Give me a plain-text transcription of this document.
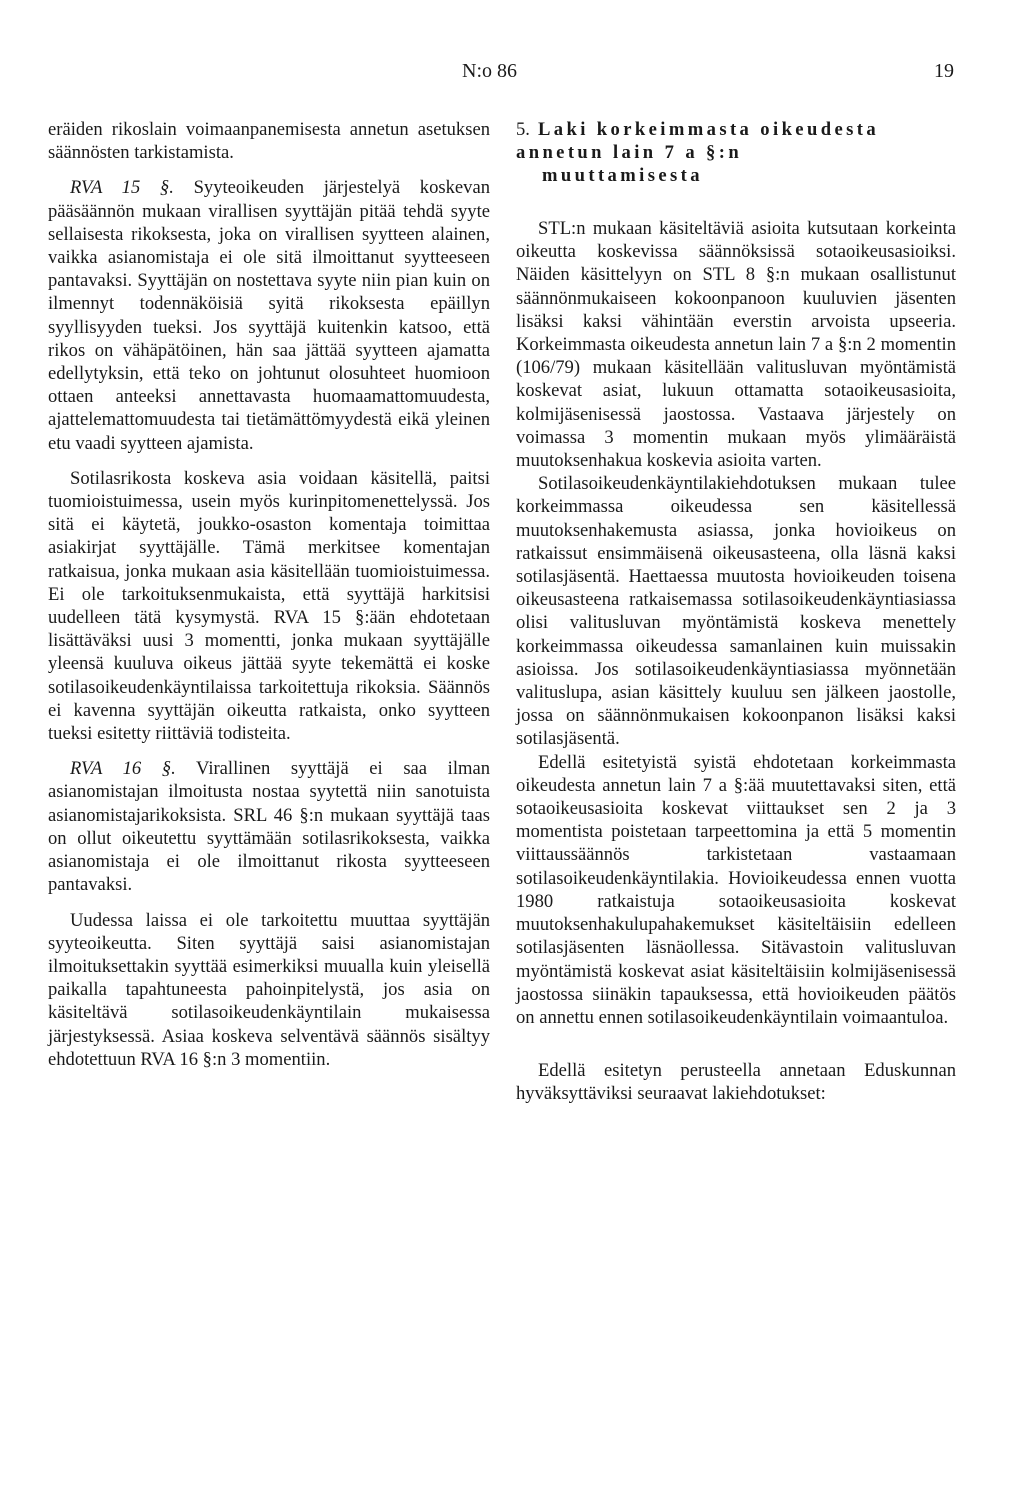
N:o 86	19

eräiden rikoslain voimaanpanemisesta annetun asetuksen säännösten tarkistamista.

RVA 15 §. Syyteoikeuden järjestelyä koskevan pääsäännön mukaan virallisen syyttäjän pitää tehdä syyte sellaisesta rikoksesta, joka on virallisen syytteen alainen, vaikka asianomistaja ei ole sitä ilmoittanut syytteeseen pantavaksi. Syyttäjän on nostettava syyte niin pian kuin on ilmennyt todennäköisiä syitä rikoksesta epäillyn syyllisyyden tueksi. Jos syyttäjä kuitenkin katsoo, että rikos on vähäpätöinen, hän saa jättää syytteen ajamatta edellytyksin, että teko on johtunut olosuhteet huomioon ottaen anteeksi annettavasta huomaamattomuudesta, ajattelemattomuudesta tai tietämättömyydestä eikä yleinen etu vaadi syytteen ajamista.

Sotilasrikosta koskeva asia voidaan käsitellä, paitsi tuomioistuimessa, usein myös kurinpitomenettelyssä. Jos sitä ei käytetä, joukko-osaston komentaja toimittaa asiakirjat syyttäjälle. Tämä merkitsee komentajan ratkaisua, jonka mukaan asia käsitellään tuomioistuimessa. Ei ole tarkoituksenmukaista, että syyttäjä harkitsisi uudelleen tätä kysymystä. RVA 15 §:ään ehdotetaan lisättäväksi uusi 3 momentti, jonka mukaan syyttäjälle yleensä kuuluva oikeus jättää syyte tekemättä ei koske sotilasoikeudenkäyntilaissa tarkoitettuja rikoksia. Säännös ei kavenna syyttäjän oikeutta ratkaista, onko syytteen tueksi esitetty riittäviä todisteita.

RVA 16 §. Virallinen syyttäjä ei saa ilman asianomistajan ilmoitusta nostaa syytettä niin sanotuista asianomistajarikoksista. SRL 46 §:n mukaan syyttäjä taas on ollut oikeutettu syyttämään sotilasrikoksesta, vaikka asianomistaja ei ole ilmoittanut rikosta syytteeseen pantavaksi.

Uudessa laissa ei ole tarkoitettu muuttaa syyttäjän syyteoikeutta. Siten syyttäjä saisi asianomistajan ilmoituksettakin syyttää esimerkiksi muualla kuin yleisellä paikalla tapahtuneesta pahoinpitelystä, jos asia on käsiteltävä sotilasoikeudenkäyntilain mukaisessa järjestyksessä. Asiaa koskeva selventävä säännös sisältyy ehdotettuun RVA 16 §:n 3 momentiin.

5. Laki korkeimmasta oikeudesta annetun lain 7 a §:n
muuttamisesta

STL:n mukaan käsiteltäviä asioita kutsutaan korkeinta oikeutta koskevissa säännöksissä sotaoikeusasioiksi. Näiden käsittelyyn on STL 8 §:n mukaan osallistunut säännönmukaiseen kokoonpanoon kuuluvien jäsenten lisäksi kaksi vähintään everstin arvoista upseeria. Korkeimmasta oikeudesta annetun lain 7 a §:n 2 momentin (106/79) mukaan käsitellään valitusluvan myöntämistä koskevat asiat, lukuun ottamatta sotaoikeusasioita, kolmijäsenisessä jaostossa. Vastaava järjestely on voimassa 3 momentin mukaan myös ylimääräistä muutoksenhakua koskevia asioita varten.

Sotilasoikeudenkäyntilakiehdotuksen mukaan tulee korkeimmassa oikeudessa sen käsitellessä muutoksenhakemusta asiassa, jonka hovioikeus on ratkaissut ensimmäisenä oikeusasteena, olla läsnä kaksi sotilasjäsentä. Haettaessa muutosta hovioikeuden toisena oikeusasteena ratkaisemassa sotilasoikeudenkäyntiasiassa olisi valitusluvan myöntämistä koskeva menettely korkeimmassa oikeudessa samanlainen kuin muissakin asioissa. Jos sotilasoikeudenkäyntiasiassa myönnetään valituslupa, asian käsittely kuuluu sen jälkeen jaostolle, jossa on säännönmukaisen kokoonpanon lisäksi kaksi sotilasjäsentä.

Edellä esitetyistä syistä ehdotetaan korkeimmasta oikeudesta annetun lain 7 a §:ää muutettavaksi siten, että sotaoikeusasioita koskevat viittaukset sen 2 ja 3 momentista poistetaan tarpeettomina ja että 5 momentin viittaussäännös tarkistetaan vastaamaan sotilasoikeudenkäyntilakia. Hovioikeudessa ennen vuotta 1980 ratkaistuja sotaoikeusasioita koskevat muutoksenhakulupahakemukset käsiteltäisiin edelleen sotilasjäsenten läsnäollessa. Sitävastoin valitusluvan myöntämistä koskevat asiat käsiteltäisiin kolmijäsenisessä jaostossa siinäkin tapauksessa, että hovioikeuden päätös on annettu ennen sotilasoikeudenkäyntilain voimaantuloa.

Edellä esitetyn perusteella annetaan Eduskunnan hyväksyttäviksi seuraavat lakiehdotukset:
